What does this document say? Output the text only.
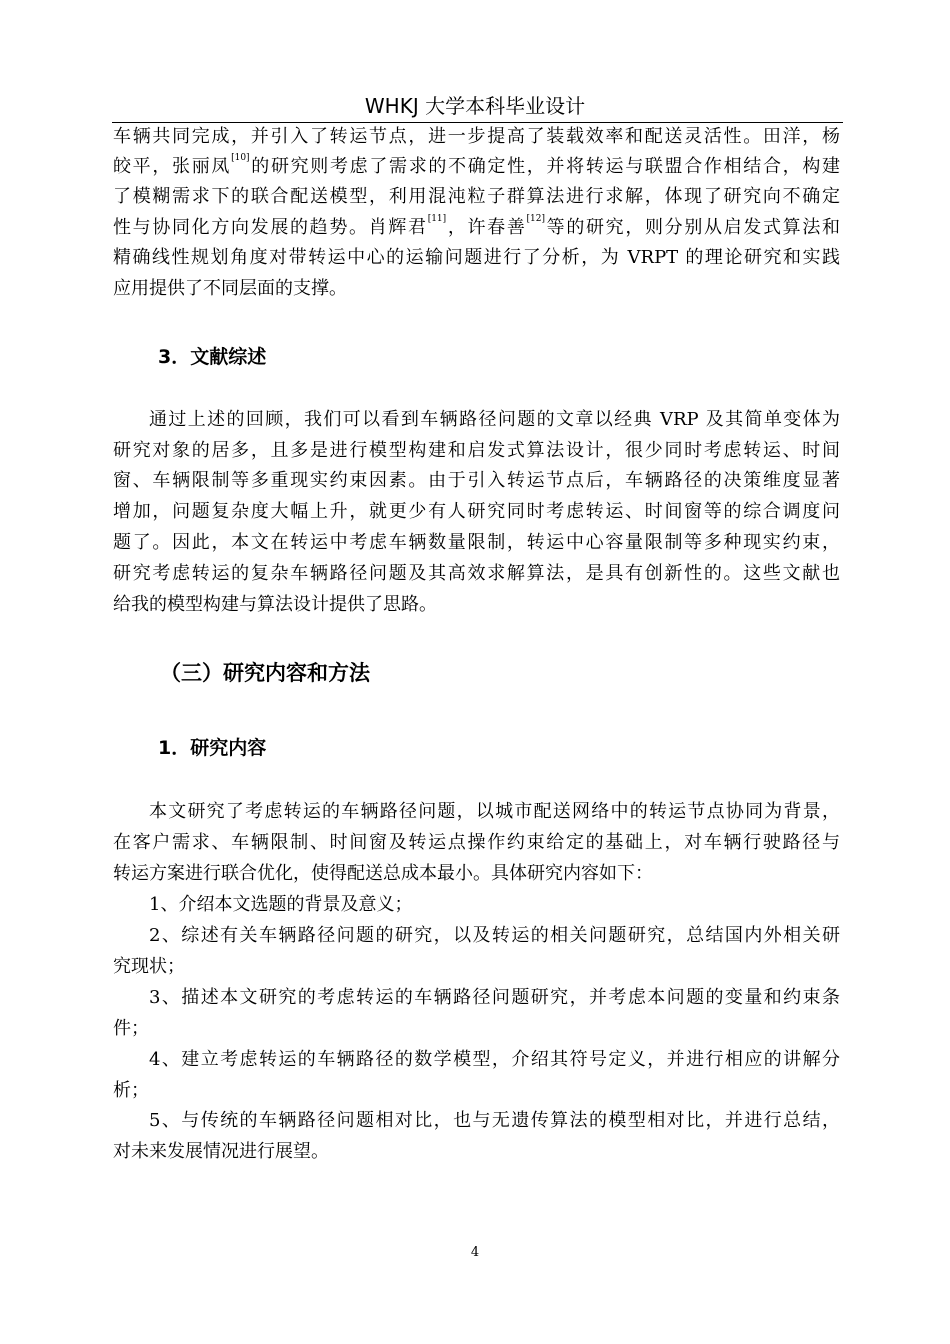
WHKJ 大学本科毕业设计
车辆共同完成，并引入了转运节点，进一步提高了装载效率和配送灵活性。田洋，杨
皎平，张丽凤[10]的研究则考虑了需求的不确定性，并将转运与联盟合作相结合，构建
了模糊需求下的联合配送模型，利用混沌粒子群算法进行求解，体现了研究向不确定
性与协同化方向发展的趋势。肖辉君[11]，许春善[12]等的研究，则分别从启发式算法和
精确线性规划角度对带转运中心的运输问题进行了分析，为 VRPT 的理论研究和实践
应用提供了不同层面的支撑。
3．文献综述
通过上述的回顾，我们可以看到车辆路径问题的文章以经典 VRP 及其简单变体为
研究对象的居多，且多是进行模型构建和启发式算法设计，很少同时考虑转运、时间
窗、车辆限制等多重现实约束因素。由于引入转运节点后，车辆路径的决策维度显著
增加，问题复杂度大幅上升，就更少有人研究同时考虑转运、时间窗等的综合调度问
题了。因此，本文在转运中考虑车辆数量限制，转运中心容量限制等多种现实约束，
研究考虑转运的复杂车辆路径问题及其高效求解算法，是具有创新性的。这些文献也
给我的模型构建与算法设计提供了思路。
（三）研究内容和方法
1．研究内容
本文研究了考虑转运的车辆路径问题，以城市配送网络中的转运节点协同为背景，
在客户需求、车辆限制、时间窗及转运点操作约束给定的基础上，对车辆行驶路径与
转运方案进行联合优化，使得配送总成本最小。具体研究内容如下：
1、介绍本文选题的背景及意义；
2、综述有关车辆路径问题的研究，以及转运的相关问题研究，总结国内外相关研
究现状；
3、描述本文研究的考虑转运的车辆路径问题研究，并考虑本问题的变量和约束条
件；
4、建立考虑转运的车辆路径的数学模型，介绍其符号定义，并进行相应的讲解分
析；
5、与传统的车辆路径问题相对比，也与无遗传算法的模型相对比，并进行总结，
对未来发展情况进行展望。
4
